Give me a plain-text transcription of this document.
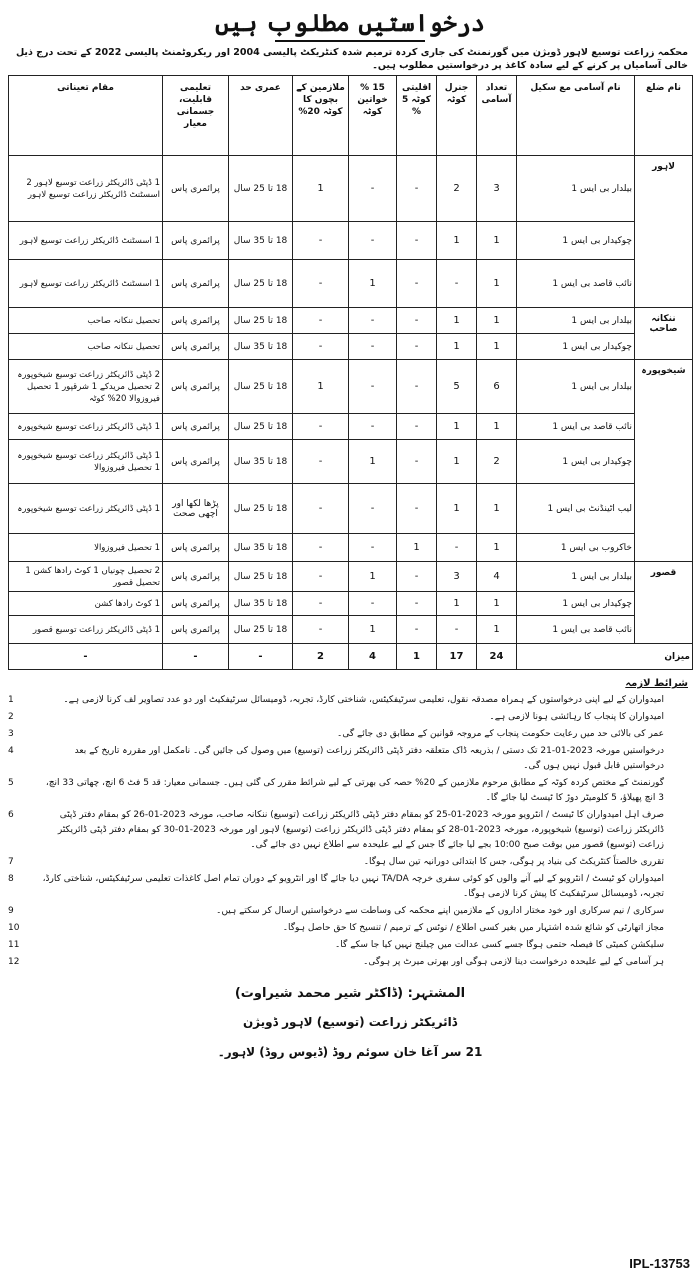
درخواستیں مطلوب ہیں

محکمہ زراعت توسیع لاہور ڈویژن میں گورنمنٹ کی جاری کردہ ترمیم شدہ کنٹریکٹ پالیسی 2004 اور ریکروٹمنٹ پالیسی 2022 کے تحت درج ذیل خالی آسامیاں پر کرنے کے لیے سادہ کاغذ پر درخواستیں مطلوب ہیں۔

نام ضلع	نام آسامی مع سکیل	تعداد آسامی	جنرل کوٹہ	اقلیتی کوٹہ 5 %	15 % خواتین کوٹہ	ملازمین کے بچوں کا کوٹہ 20%	عمری حد	تعلیمی قابلیت، جسمانی معیار	مقام تعیناتی
لاہور	بیلدار بی ایس 1	3	2	-	-	1	18 تا 25 سال	پرائمری پاس	1 ڈپٹی ڈائریکٹر زراعت توسیع لاہور 2 اسسٹنٹ ڈائریکٹر زراعت توسیع لاہور
	چوکیدار بی ایس 1	1	1	-	-	-	18 تا 35 سال	پرائمری پاس	1 اسسٹنٹ ڈائریکٹر زراعت توسیع لاہور
	نائب قاصد بی ایس 1	1	-	-	1	-	18 تا 25 سال	پرائمری پاس	1 اسسٹنٹ ڈائریکٹر زراعت توسیع لاہور
ننکانہ صاحب	بیلدار بی ایس 1	1	1	-	-	-	18 تا 25 سال	پرائمری پاس	تحصیل ننکانہ صاحب
	چوکیدار بی ایس 1	1	1	-	-	-	18 تا 35 سال	پرائمری پاس	تحصیل ننکانہ صاحب
شیخوپورہ	بیلدار بی ایس 1	6	5	-	-	1	18 تا 25 سال	پرائمری پاس	2 ڈپٹی ڈائریکٹر زراعت توسیع شیخوپورہ 2 تحصیل مریدکے 1 شرقپور 1 تحصیل فیروزوالا 20% کوٹہ
	نائب قاصد بی ایس 1	1	1	-	-	-	18 تا 25 سال	پرائمری پاس	1 ڈپٹی ڈائریکٹر زراعت توسیع شیخوپورہ
	چوکیدار بی ایس 1	2	1	-	1	-	18 تا 35 سال	پرائمری پاس	1 ڈپٹی ڈائریکٹر زراعت توسیع شیخوپورہ 1 تحصیل فیروزوالا
	لیب اٹینڈنٹ بی ایس 1	1	1	-	-	-	18 تا 25 سال	پڑھا لکھا اور اچھی صحت	1 ڈپٹی ڈائریکٹر زراعت توسیع شیخوپورہ
	خاکروب بی ایس 1	1	-	1	-	-	18 تا 35 سال	پرائمری پاس	1 تحصیل فیروزوالا
قصور	بیلدار بی ایس 1	4	3	-	1	-	18 تا 25 سال	پرائمری پاس	2 تحصیل چونیاں 1 کوٹ رادھا کشن 1 تحصیل قصور
	چوکیدار بی ایس 1	1	1	-	-	-	18 تا 35 سال	پرائمری پاس	1 کوٹ رادھا کشن
	نائب قاصد بی ایس 1	1	-	-	1	-	18 تا 25 سال	پرائمری پاس	1 ڈپٹی ڈائریکٹر زراعت توسیع قصور
میزان		24	17	1	4	2	-	-	-
شرائط لازمہ
امیدواران کے لیے اپنی درخواستوں کے ہمراہ مصدقہ نقول، تعلیمی سرٹیفکیٹس، شناختی کارڈ، تجربہ، ڈومیسائل سرٹیفکیٹ اور دو عدد تصاویر لف کرنا لازمی ہے۔
1
امیدواران کا پنجاب کا رہائشی ہونا لازمی ہے۔
2
عمر کی بالائی حد میں رعایت حکومت پنجاب کے مروجہ قوانین کے مطابق دی جائے گی۔
3
درخواستیں مورخہ 2023-01-21 تک دستی / بذریعہ ڈاک متعلقہ دفتر ڈپٹی ڈائریکٹر زراعت (توسیع) میں وصول کی جائیں گی۔ نامکمل اور مقررہ تاریخ کے بعد درخواستیں قابل قبول نہیں ہوں گی۔
4
گورنمنٹ کے مختص کردہ کوٹہ کے مطابق مرحوم ملازمین کے 20% حصہ کی بھرتی کے لیے شرائط مقرر کی گئی ہیں۔ جسمانی معیار: قد 5 فٹ 6 انچ، چھاتی 33 انچ، 3 انچ پھیلاؤ، 5 کلومیٹر دوڑ کا ٹیسٹ لیا جائے گا۔
5
صرف اہل امیدواران کا ٹیسٹ / انٹرویو مورخہ 2023-01-25 کو بمقام دفتر ڈپٹی ڈائریکٹر زراعت (توسیع) ننکانہ صاحب، مورخہ 2023-01-26 کو بمقام دفتر ڈپٹی ڈائریکٹر زراعت (توسیع) شیخوپورہ، مورخہ 2023-01-28 کو بمقام دفتر ڈپٹی ڈائریکٹر زراعت (توسیع) لاہور اور مورخہ 2023-01-30 کو بمقام دفتر ڈپٹی ڈائریکٹر زراعت (توسیع) قصور میں بوقت صبح 10:00 بجے لیا جائے گا جس کے لیے علیحدہ سے اطلاع نہیں دی جائے گی۔
6
تقرری خالصتاً کنٹریکٹ کی بنیاد پر ہوگی، جس کا ابتدائی دورانیہ تین سال ہوگا۔
7
امیدواران کو ٹیسٹ / انٹرویو کے لیے آنے والوں کو کوئی سفری خرچہ TA/DA نہیں دیا جائے گا اور انٹرویو کے دوران تمام اصل کاغذات تعلیمی سرٹیفکیٹس، شناختی کارڈ، تجربہ، ڈومیسائل سرٹیفکیٹ کا پیش کرنا لازمی ہوگا۔
8
سرکاری / نیم سرکاری اور خود مختار اداروں کے ملازمین اپنے محکمہ کی وساطت سے درخواستیں ارسال کر سکتے ہیں۔
9
مجاز اتھارٹی کو شائع شدہ اشتہار میں بغیر کسی اطلاع / نوٹس کے ترمیم / تنسیخ کا حق حاصل ہوگا۔
10
سلیکشن کمیٹی کا فیصلہ حتمی ہوگا جسے کسی عدالت میں چیلنج نہیں کیا جا سکے گا۔
11
ہر آسامی کے لیے علیحدہ درخواست دینا لازمی ہوگی اور بھرتی میرٹ پر ہوگی۔
12
المشتہر: (ڈاکٹر شیر محمد شیراوت)
ڈائریکٹر زراعت (توسیع) لاہور ڈویژن
21 سر آغا خان سوئم روڈ (ڈیوس روڈ) لاہور۔
IPL-13753
